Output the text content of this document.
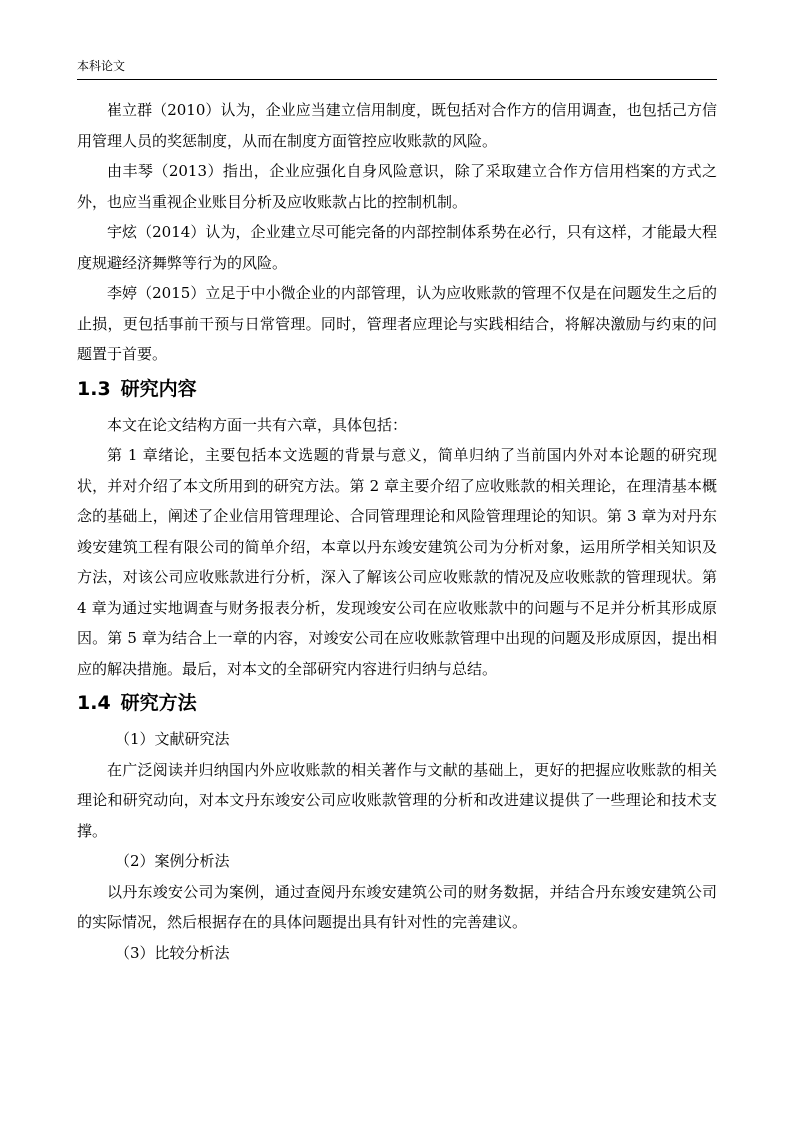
本科论文

崔立群（2010）认为，企业应当建立信用制度，既包括对合作方的信用调查，也包括己方信用管理人员的奖惩制度，从而在制度方面管控应收账款的风险。

由丰琴（2013）指出，企业应强化自身风险意识，除了采取建立合作方信用档案的方式之外，也应当重视企业账目分析及应收账款占比的控制机制。

宇炫（2014）认为，企业建立尽可能完备的内部控制体系势在必行，只有这样，才能最大程度规避经济舞弊等行为的风险。

李婷（2015）立足于中小微企业的内部管理，认为应收账款的管理不仅是在问题发生之后的止损，更包括事前干预与日常管理。同时，管理者应理论与实践相结合，将解决激励与约束的问题置于首要。

1.3 研究内容

本文在论文结构方面一共有六章，具体包括：

第 1 章绪论，主要包括本文选题的背景与意义，简单归纳了当前国内外对本论题的研究现状，并对介绍了本文所用到的研究方法。第 2 章主要介绍了应收账款的相关理论，在理清基本概念的基础上，阐述了企业信用管理理论、合同管理理论和风险管理理论的知识。第 3 章为对丹东竣安建筑工程有限公司的简单介绍，本章以丹东竣安建筑公司为分析对象，运用所学相关知识及方法，对该公司应收账款进行分析，深入了解该公司应收账款的情况及应收账款的管理现状。第 4 章为通过实地调查与财务报表分析，发现竣安公司在应收账款中的问题与不足并分析其形成原因。第 5 章为结合上一章的内容，对竣安公司在应收账款管理中出现的问题及形成原因，提出相应的解决措施。最后，对本文的全部研究内容进行归纳与总结。

1.4 研究方法

（1）文献研究法

在广泛阅读并归纳国内外应收账款的相关著作与文献的基础上，更好的把握应收账款的相关理论和研究动向，对本文丹东竣安公司应收账款管理的分析和改进建议提供了一些理论和技术支撑。

（2）案例分析法

以丹东竣安公司为案例，通过查阅丹东竣安建筑公司的财务数据，并结合丹东竣安建筑公司的实际情况，然后根据存在的具体问题提出具有针对性的完善建议。

（3）比较分析法
